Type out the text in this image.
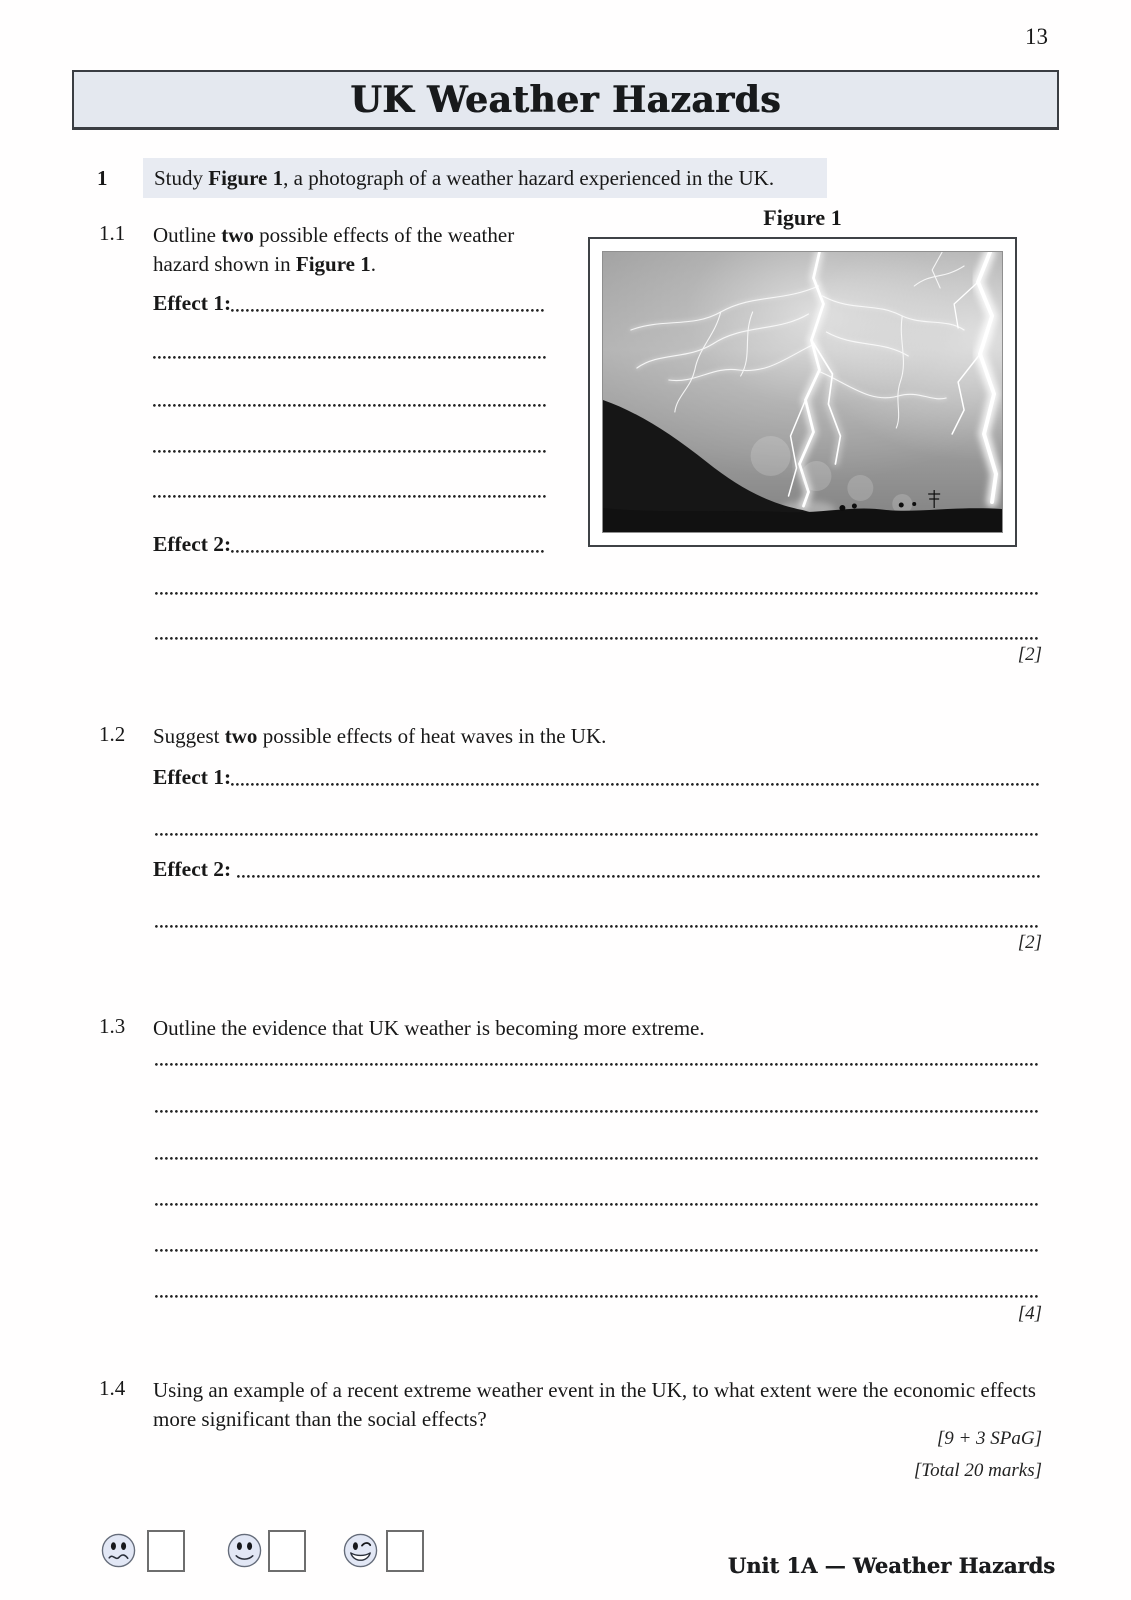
13
UK Weather Hazards
1 Study Figure 1, a photograph of a weather hazard experienced in the UK.
1.1 Outline two possible effects of the weather hazard shown in Figure 1.
Effect 1:
Effect 2:
Figure 1
[2]
1.2 Suggest two possible effects of heat waves in the UK.
Effect 1:
Effect 2:
[2]
1.3 Outline the evidence that UK weather is becoming more extreme.
[4]
1.4 Using an example of a recent extreme weather event in the UK, to what extent were the economic effects more significant than the social effects?
[9 + 3 SPaG]
[Total 20 marks]
Unit 1A — Weather Hazards
